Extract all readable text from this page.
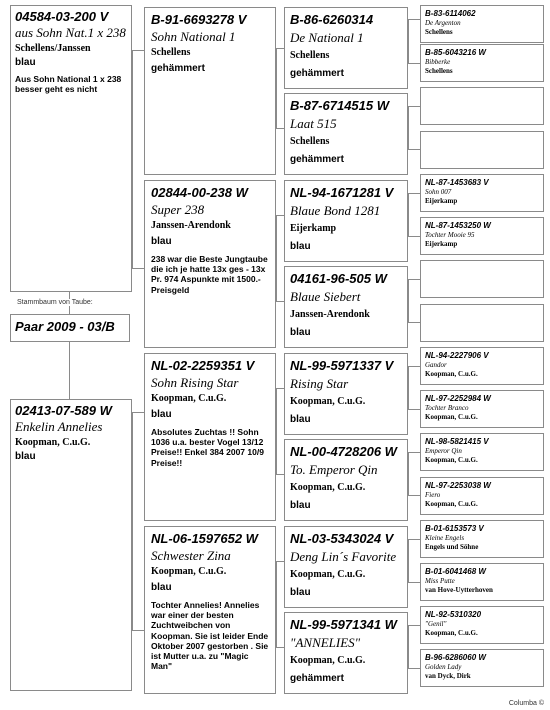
04584-03-200 V
aus Sohn Nat.1 x 238
Schellens/Janssen
blau
Aus Sohn National 1 x 238 besser geht es nicht
Stammbaum von Taube:
Paar 2009 - 03/B
02413-07-589 W
Enkelin Annelies
Koopman, C.u.G.
blau
B-91-6693278 V
Sohn National 1
Schellens
gehämmert
02844-00-238 W
Super 238
Janssen-Arendonk
blau
238 war die Beste Jungtaube die ich je hatte 13x ges - 13x Pr. 974 Aspunkte mit 1500.- Preisgeld
NL-02-2259351 V
Sohn Rising Star
Koopman, C.u.G.
blau
Absolutes Zuchtas !! Sohn 1036 u.a. bester Vogel 13/12 Preise!! Enkel 384 2007 10/9 Preise!!
NL-06-1597652 W
Schwester Zina
Koopman, C.u.G.
blau
Tochter Annelies! Annelies war einer der besten Zuchtweibchen von Koopman. Sie ist leider Ende Oktober 2007 gestorben . Sie ist Mutter u.a. zu "Magic Man"
B-86-6260314
De National 1
Schellens
gehämmert
B-87-6714515 W
Laat 515
Schellens
gehämmert
NL-94-1671281 V
Blaue Bond 1281
Eijerkamp
blau
04161-96-505 W
Blaue Siebert
Janssen-Arendonk
blau
NL-99-5971337 V
Rising Star
Koopman, C.u.G.
blau
NL-00-4728206 W
To. Emperor Qin
Koopman, C.u.G.
blau
NL-03-5343024 V
Deng Lin´s Favorite
Koopman, C.u.G.
blau
NL-99-5971341 W
"ANNELIES"
Koopman, C.u.G.
gehämmert
B-83-6114062
De Argenton
Schellens
B-85-6043216 W
Bibberke
Schellens
NL-87-1453683 V
Sohn 007
Eijerkamp
NL-87-1453250 W
Tochter Mooie 95
Eijerkamp
NL-94-2227906 V
Gandor
Koopman, C.u.G.
NL-97-2252984 W
Tochter Branco
Koopman, C.u.G.
NL-98-5821415 V
Emperor Qin
Koopman, C.u.G.
NL-97-2253038 W
Fiero
Koopman, C.u.G.
B-01-6153573 V
Kleine Engels
Engels und Söhne
B-01-6041468 W
Miss Putte
van Hove-Uytterhoven
NL-92-5310320
"Genil"
Koopman, C.u.G.
B-96-6286060 W
Golden Lady
van Dyck, Dirk
Columba ©
